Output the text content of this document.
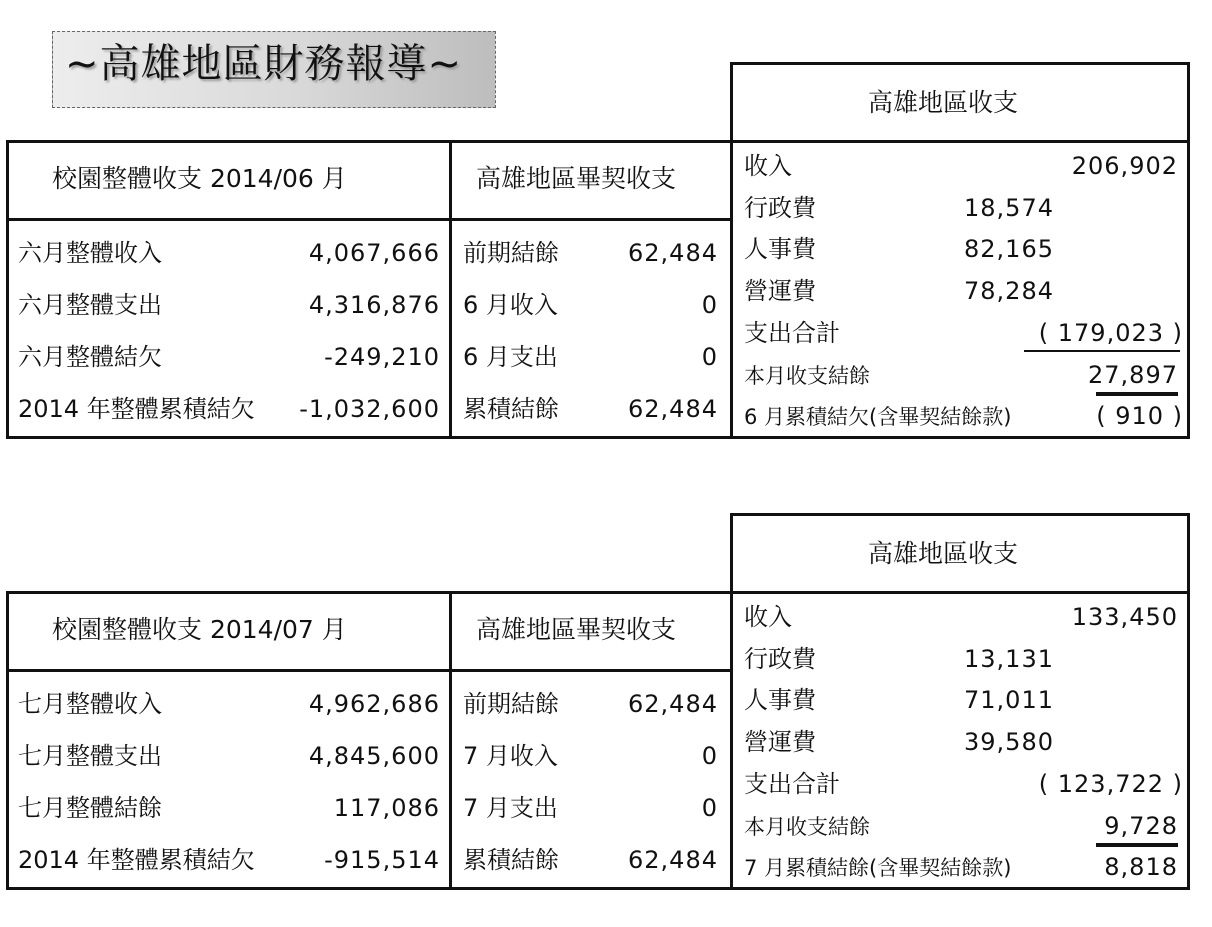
~高雄地區財務報導~
校園整體收支 2014/06 月	高雄地區畢契收支
六月整體收入	4,067,666
六月整體支出	4,316,876
六月整體結欠	-249,210
2014 年整體累積結欠	-1,032,600
前期結餘	62,484
6 月收入	0
6 月支出	0
累積結餘	62,484
高雄地區收支
收入	206,902
行政費	18,574
人事費	82,165
營運費	78,284
支出合計	( 179,023 )
本月收支結餘	27,897
6 月累積結欠(含畢契結餘款)	( 910 )
校園整體收支 2014/07 月	高雄地區畢契收支
七月整體收入	4,962,686
七月整體支出	4,845,600
七月整體結餘	117,086
2014 年整體累積結欠	-915,514
前期結餘	62,484
7 月收入	0
7 月支出	0
累積結餘	62,484
高雄地區收支
收入	133,450
行政費	13,131
人事費	71,011
營運費	39,580
支出合計	( 123,722 )
本月收支結餘	9,728
7 月累積結餘(含畢契結餘款)	8,818
